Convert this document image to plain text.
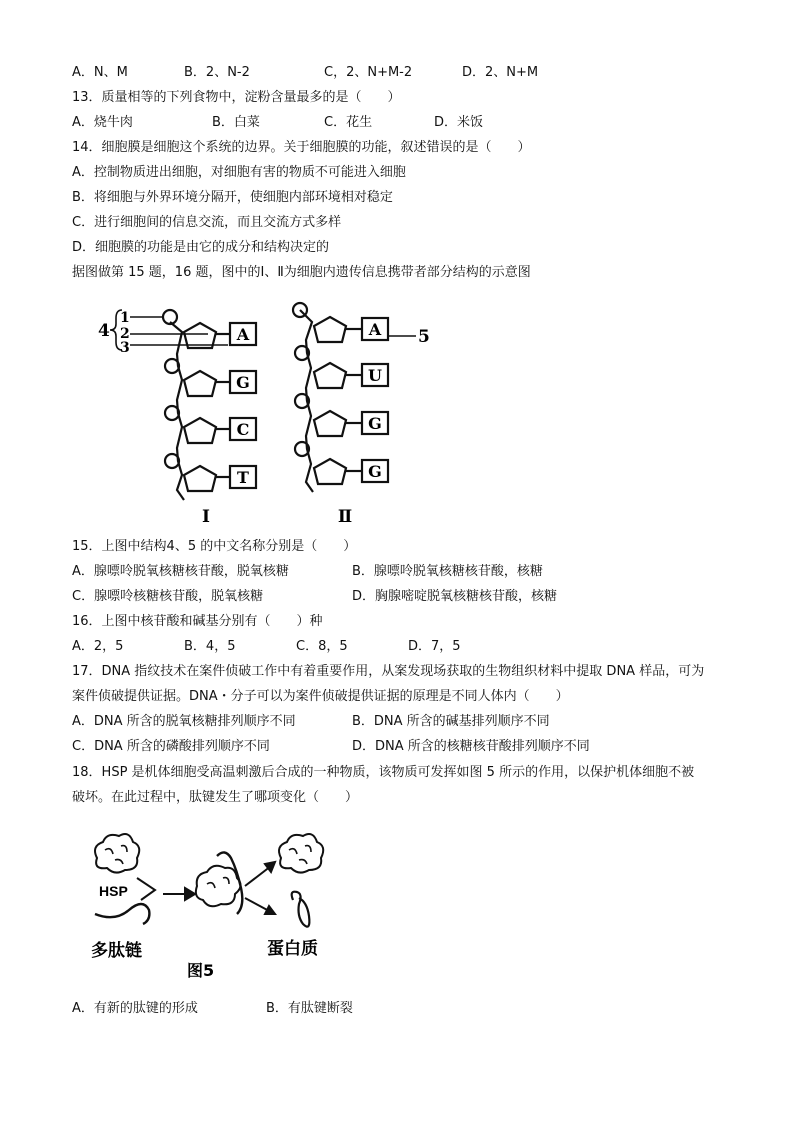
A．N、M	B．2、N-2	C，2、N+M-2	D．2、N+M
13．质量相等的下列食物中，淀粉含量最多的是（　　）
A．烧牛肉	B．白菜	C．花生	D．米饭
14．细胞膜是细胞这个系统的边界。关于细胞膜的功能，叙述错误的是（　　）
A．控制物质进出细胞，对细胞有害的物质不可能进入细胞
B．将细胞与外界环境分隔开，使细胞内部环境相对稳定
C．进行细胞间的信息交流，而且交流方式多样
D．细胞膜的功能是由它的成分和结构决定的
据图做第 15 题，16 题，图中的Ⅰ、Ⅱ为细胞内遗传信息携带者部分结构的示意图
A
G
C
T
A
U
G
G
4
1
2
3
5
Ⅰ	Ⅱ
15．上图中结构4、5 的中文名称分别是（　　）
A．腺嘌呤脱氧核糖核苷酸，脱氧核糖	B．腺嘌呤脱氧核糖核苷酸，核糖
C．腺嘌呤核糖核苷酸，脱氧核糖	D．胸腺嘧啶脱氧核糖核苷酸，核糖
16．上图中核苷酸和碱基分别有（　　）种
A．2，5	B．4，5	C．8，5	D．7，5
17．DNA 指纹技术在案件侦破工作中有着重要作用，从案发现场获取的生物组织材料中提取 DNA 样品，可为
案件侦破提供证据。DNA・分子可以为案件侦破提供证据的原理是不同人体内（　　）
A．DNA 所含的脱氧核糖排列顺序不同	B．DNA 所含的碱基排列顺序不同
C．DNA 所含的磷酸排列顺序不同	D．DNA 所含的核糖核苷酸排列顺序不同
18．HSP 是机体细胞受高温刺激后合成的一种物质，该物质可发挥如图 5 所示的作用，以保护机体细胞不被
破坏。在此过程中，肽键发生了哪项变化（　　）
HSP
多肽链	蛋白质
图5
A．有新的肽键的形成	B．有肽键断裂
